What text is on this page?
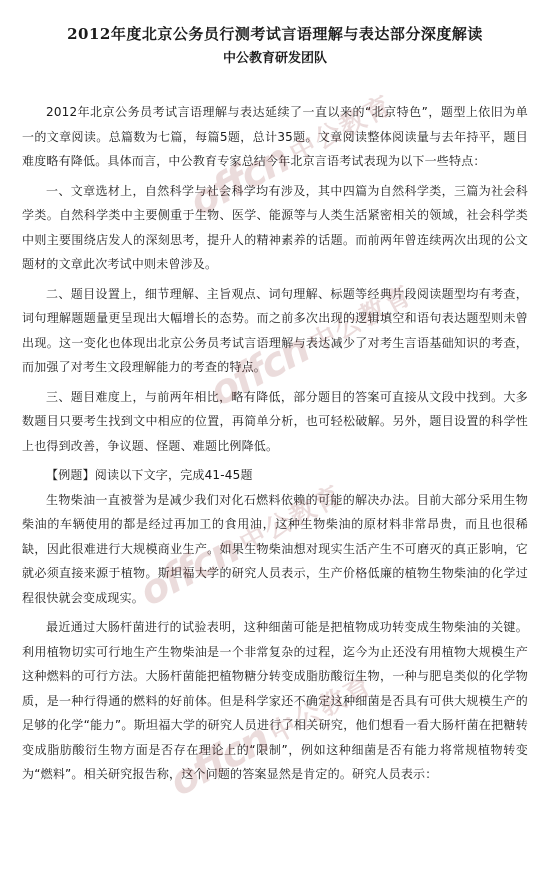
2012年度北京公务员行测考试言语理解与表达部分深度解读
中公教育研发团队

2012年北京公务员考试言语理解与表达延续了一直以来的“北京特色”，题型上依旧为单一的文章阅读。总篇数为七篇，每篇5题，总计35题。文章阅读整体阅读量与去年持平，题目难度略有降低。具体而言，中公教育专家总结今年北京言语考试表现为以下一些特点：

一、文章选材上，自然科学与社会科学均有涉及，其中四篇为自然科学类，三篇为社会科学类。自然科学类中主要侧重于生物、医学、能源等与人类生活紧密相关的领域，社会科学类中则主要围绕店发人的深刻思考，提升人的精神素养的话题。而前两年曾连续两次出现的公文题材的文章此次考试中则未曾涉及。

二、题目设置上，细节理解、主旨观点、词句理解、标题等经典片段阅读题型均有考查，词句理解题题量更呈现出大幅增长的态势。而之前多次出现的逻辑填空和语句表达题型则未曾出现。这一变化也体现出北京公务员考试言语理解与表达减少了对考生言语基础知识的考查，而加强了对考生文段理解能力的考查的特点。

三、题目难度上，与前两年相比，略有降低，部分题目的答案可直接从文段中找到。大多数题目只要考生找到文中相应的位置，再简单分析，也可轻松破解。另外，题目设置的科学性上也得到改善，争议题、怪题、难题比例降低。

【例题】阅读以下文字，完成41-45题

生物柴油一直被誉为是减少我们对化石燃料依赖的可能的解决办法。目前大部分采用生物柴油的车辆使用的都是经过再加工的食用油，这种生物柴油的原材料非常昂贵，而且也很稀缺，因此很难进行大规模商业生产。如果生物柴油想对现实生活产生不可磨灭的真正影响，它就必须直接来源于植物。斯坦福大学的研究人员表示，生产价格低廉的植物生物柴油的化学过程很快就会变成现实。

最近通过大肠杆菌进行的试验表明，这种细菌可能是把植物成功转变成生物柴油的关键。利用植物切实可行地生产生物柴油是一个非常复杂的过程，迄今为止还没有用植物大规模生产这种燃料的可行方法。大肠杆菌能把植物糖分转变成脂肪酸衍生物，一种与肥皂类似的化学物质，是一种行得通的燃料的好前体。但是科学家还不确定这种细菌是否具有可供大规模生产的足够的化学“能力”。斯坦福大学的研究人员进行了相关研究，他们想看一看大肠杆菌在把糖转变成脂肪酸衍生物方面是否存在理论上的“限制”，例如这种细菌是否有能力将常规植物转变为“燃料”。相关研究报告称，这个问题的答案显然是肯定的。研究人员表示：

offcn
中公教育
offcn
中公教育
offcn
中公教育
offcn
中公教育
